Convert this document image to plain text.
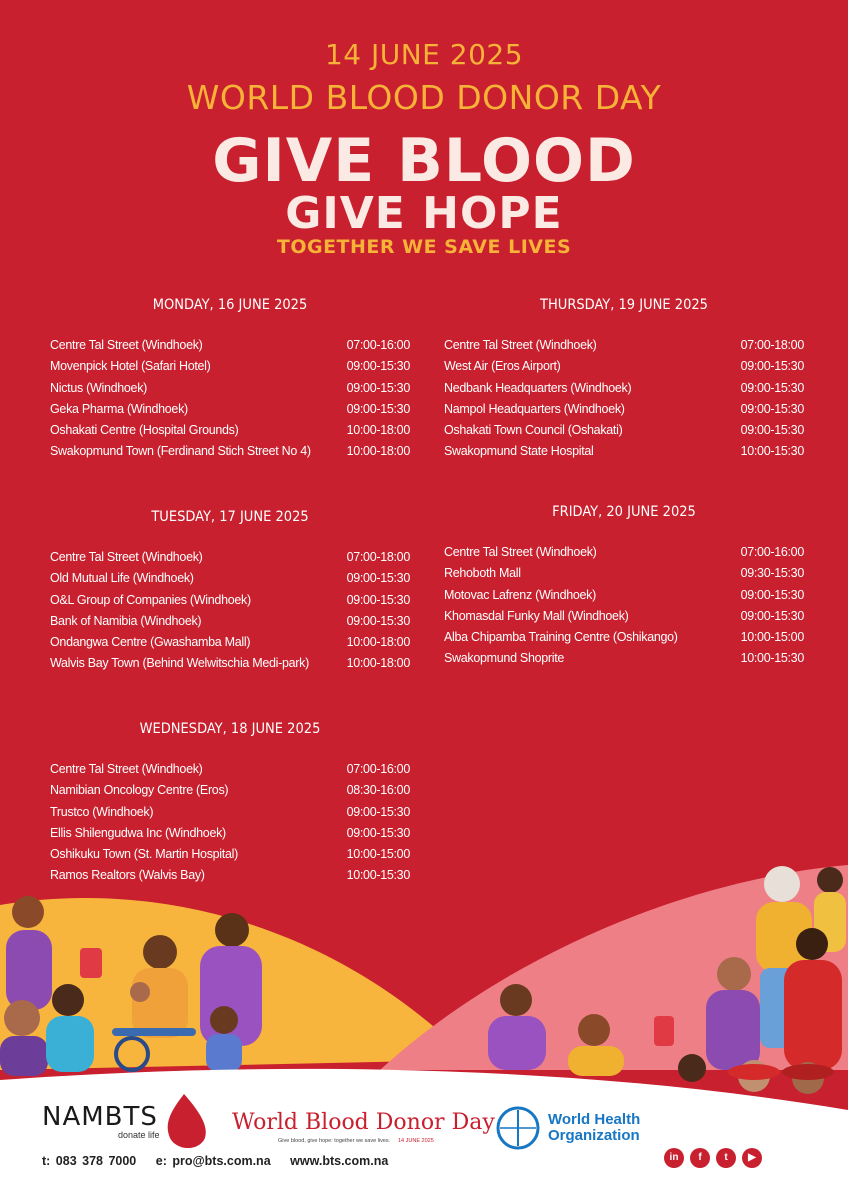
14 JUNE 2025
WORLD BLOOD DONOR DAY
GIVE BLOOD
GIVE HOPE
TOGETHER WE SAVE LIVES
MONDAY, 16 JUNE 2025
Centre Tal Street (Windhoek)	07:00-16:00
Movenpick Hotel (Safari Hotel)	09:00-15:30
Nictus (Windhoek)	09:00-15:30
Geka Pharma (Windhoek)	09:00-15:30
Oshakati Centre (Hospital Grounds)	10:00-18:00
Swakopmund Town (Ferdinand Stich Street No 4)	10:00-18:00
TUESDAY, 17 JUNE 2025
Centre Tal Street (Windhoek)	07:00-18:00
Old Mutual Life (Windhoek)	09:00-15:30
O&L Group of Companies (Windhoek)	09:00-15:30
Bank of Namibia (Windhoek)	09:00-15:30
Ondangwa Centre (Gwashamba Mall)	10:00-18:00
Walvis Bay Town (Behind Welwitschia Medi-park)	10:00-18:00
WEDNESDAY, 18 JUNE 2025
Centre Tal Street (Windhoek)	07:00-16:00
Namibian Oncology Centre (Eros)	08:30-16:00
Trustco (Windhoek)	09:00-15:30
Ellis Shilengudwa Inc (Windhoek)	09:00-15:30
Oshikuku Town (St. Martin Hospital)	10:00-15:00
Ramos Realtors (Walvis Bay)	10:00-15:30
THURSDAY, 19 JUNE 2025
Centre Tal Street (Windhoek)	07:00-18:00
West Air (Eros Airport)	09:00-15:30
Nedbank Headquarters (Windhoek)	09:00-15:30
Nampol Headquarters (Windhoek)	09:00-15:30
Oshakati Town Council (Oshakati)	09:00-15:30
Swakopmund State Hospital	10:00-15:30
FRIDAY, 20 JUNE 2025
Centre Tal Street (Windhoek)	07:00-16:00
Rehoboth Mall	09:30-15:30
Motovac Lafrenz (Windhoek)	09:00-15:30
Khomasdal Funky Mall (Windhoek)	09:00-15:30
Alba Chipamba Training Centre (Oshikango)	10:00-15:00
Swakopmund Shoprite	10:00-15:30
NAMBTS
donate life	World Blood Donor Day
Give blood, give hope: together we save lives. 14 JUNE 2025
World Health
Organization
t: 083 378 7000 e: pro@bts.com.na www.bts.com.na	in	f	t	▶
